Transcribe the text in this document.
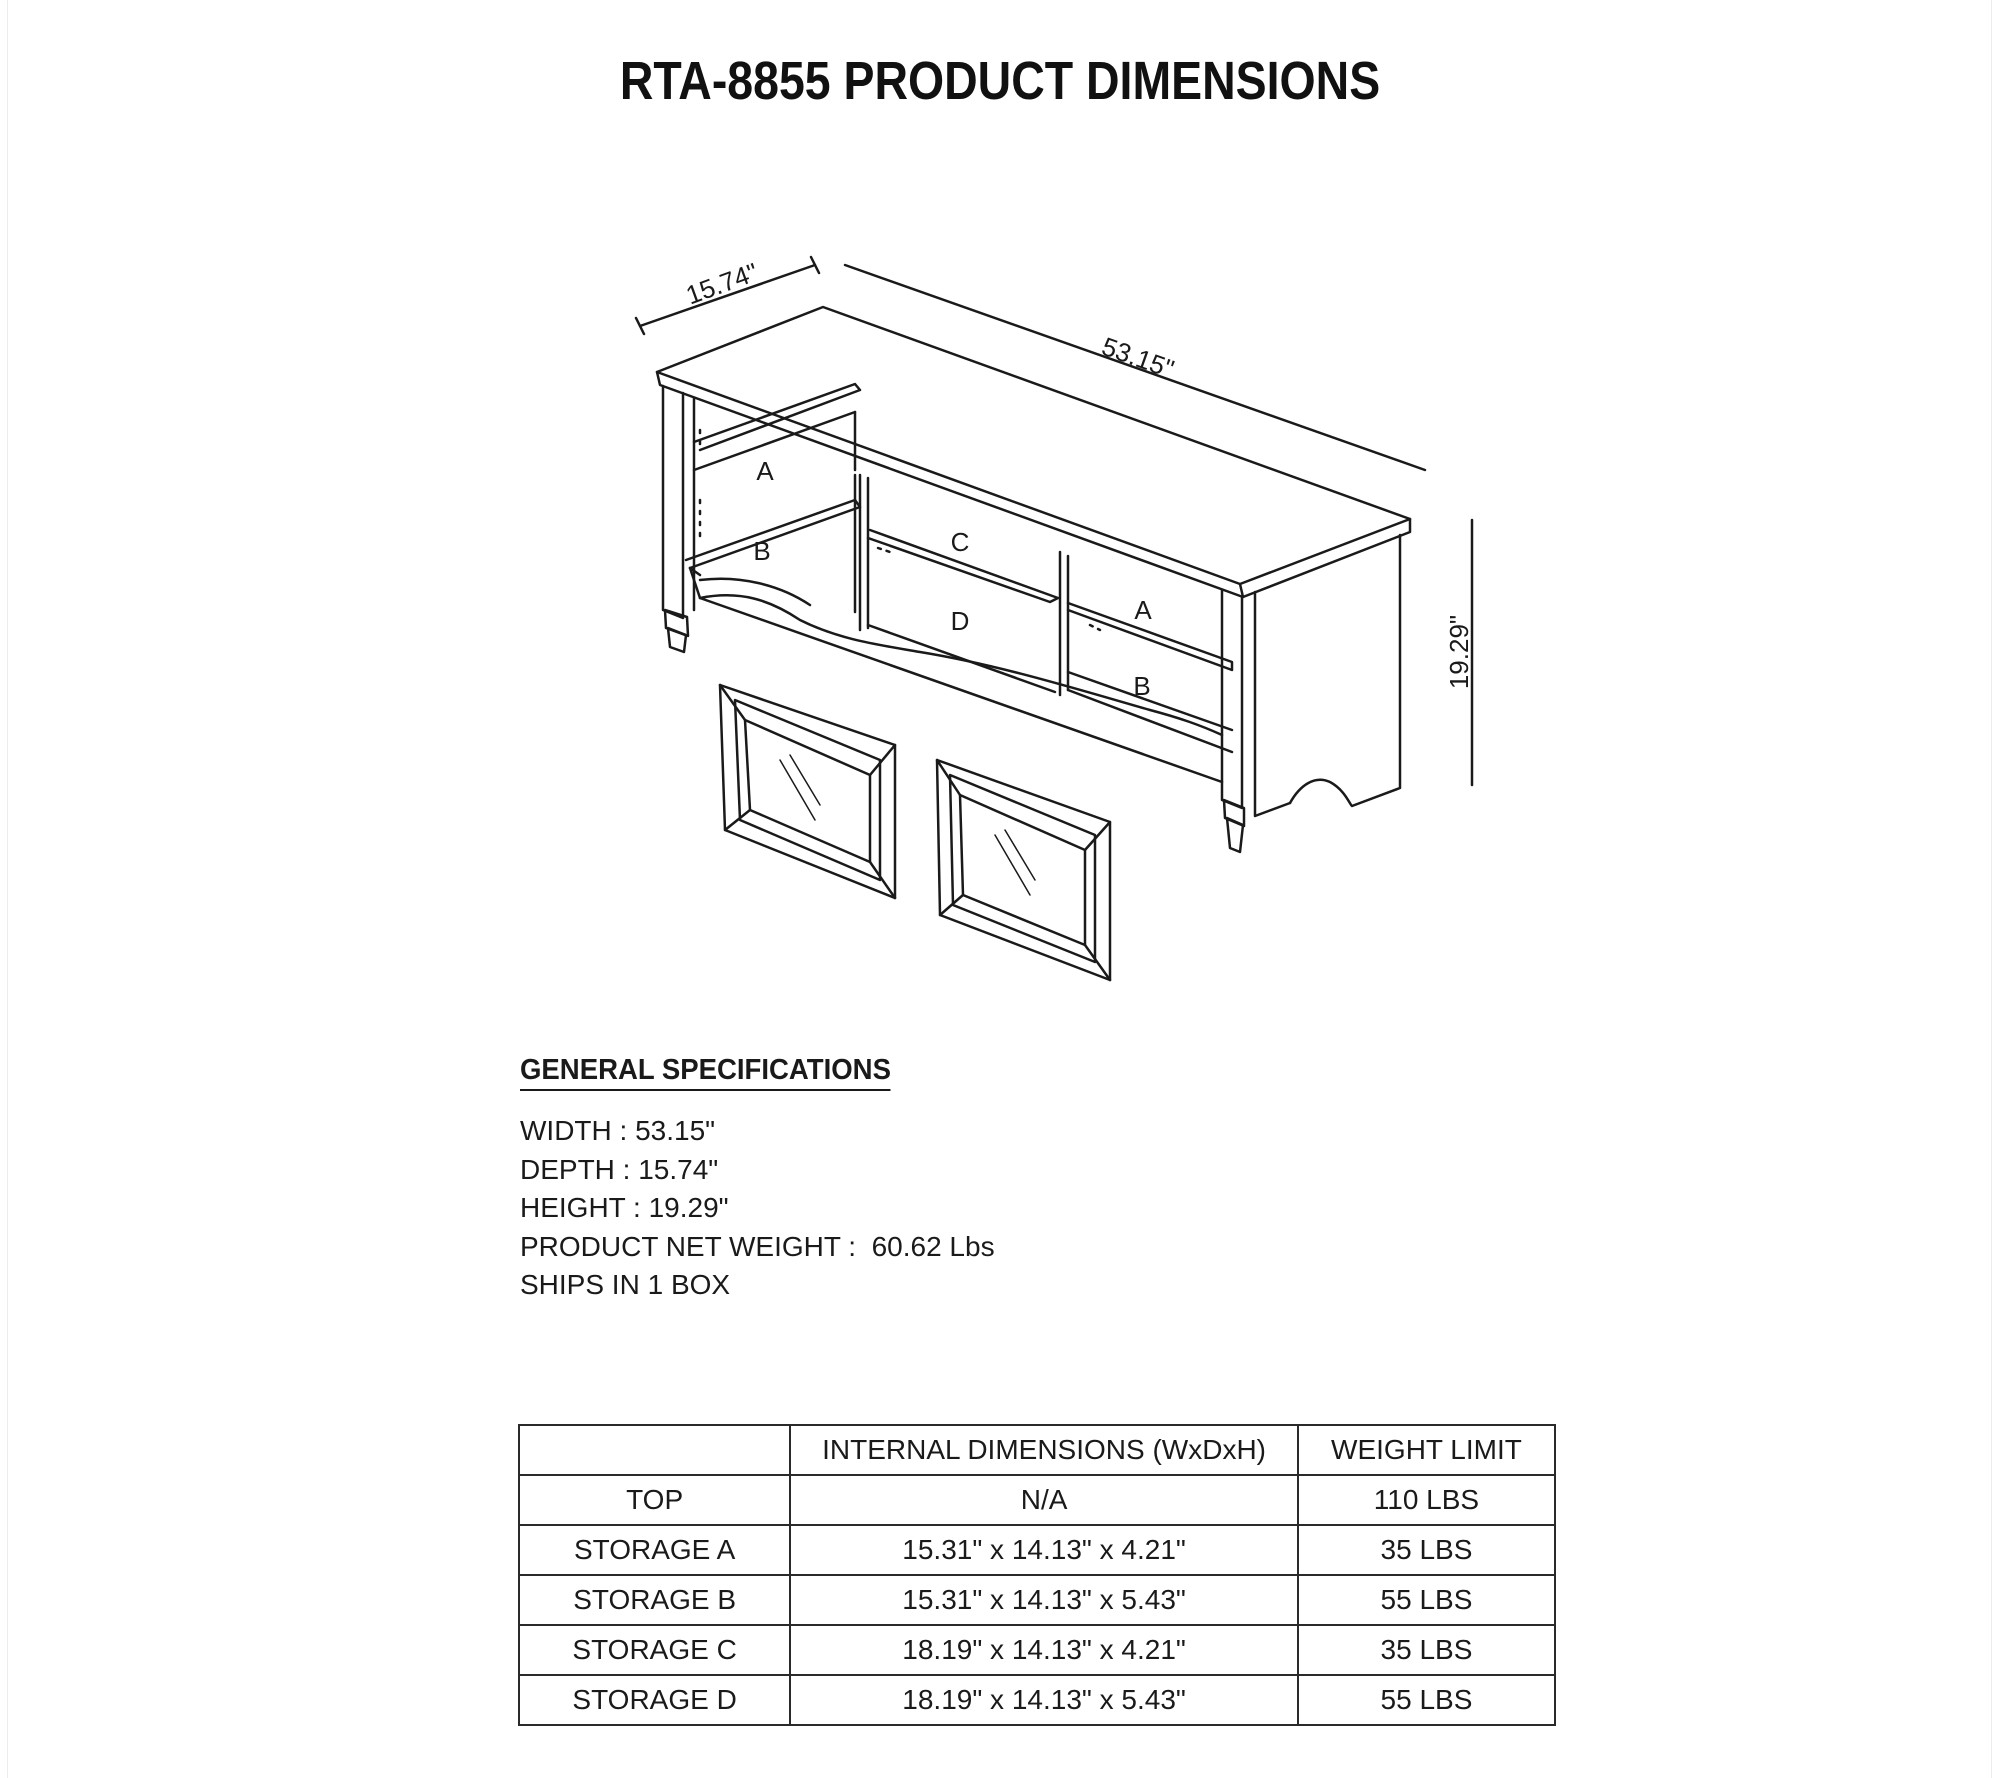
RTA-8855 PRODUCT DIMENSIONS
15.74"
53.15"
19.29"
A
B	C
D	A
B
GENERAL SPECIFICATIONS
WIDTH : 53.15"
DEPTH : 15.74"
HEIGHT : 19.29"
PRODUCT NET WEIGHT :  60.62 Lbs
SHIPS IN 1 BOX
	INTERNAL DIMENSIONS (WxDxH)	WEIGHT LIMIT
TOP	N/A	110 LBS
STORAGE A	15.31" x 14.13" x 4.21"	35 LBS
STORAGE B	15.31" x 14.13" x 5.43"	55 LBS
STORAGE C	18.19" x 14.13" x 4.21"	35 LBS
STORAGE D	18.19" x 14.13" x 5.43"	55 LBS
